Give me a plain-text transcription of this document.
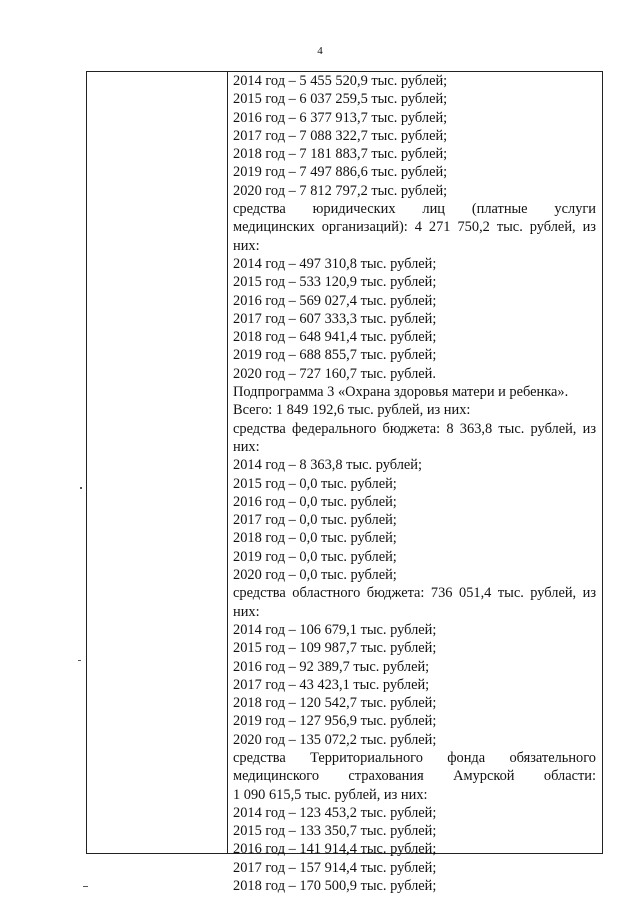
4
2014 год – 5 455 520,9 тыс. рублей;
2015 год – 6 037 259,5 тыс. рублей;
2016 год – 6 377 913,7 тыс. рублей;
2017 год – 7 088 322,7 тыс. рублей;
2018 год – 7 181 883,7 тыс. рублей;
2019 год – 7 497 886,6 тыс. рублей;
2020 год – 7 812 797,2 тыс. рублей;
средства юридических лиц (платные услуги
медицинских организаций): 4 271 750,2 тыс. рублей, из
них:
2014 год – 497 310,8 тыс. рублей;
2015 год – 533 120,9 тыс. рублей;
2016 год – 569 027,4 тыс. рублей;
2017 год – 607 333,3 тыс. рублей;
2018 год – 648 941,4 тыс. рублей;
2019 год – 688 855,7 тыс. рублей;
2020 год – 727 160,7 тыс. рублей.
Подпрограмма 3 «Охрана здоровья матери и ребенка».
Всего: 1 849 192,6 тыс. рублей, из них:
средства федерального бюджета: 8 363,8 тыс. рублей, из
них:
2014 год – 8 363,8 тыс. рублей;
2015 год – 0,0 тыс. рублей;
2016 год – 0,0 тыс. рублей;
2017 год – 0,0 тыс. рублей;
2018 год – 0,0 тыс. рублей;
2019 год – 0,0 тыс. рублей;
2020 год – 0,0 тыс. рублей;
средства областного бюджета: 736 051,4 тыс. рублей, из
них:
2014 год – 106 679,1 тыс. рублей;
2015 год – 109 987,7 тыс. рублей;
2016 год – 92 389,7 тыс. рублей;
2017 год – 43 423,1 тыс. рублей;
2018 год – 120 542,7 тыс. рублей;
2019 год – 127 956,9 тыс. рублей;
2020 год – 135 072,2 тыс. рублей;
средства Территориального фонда обязательного
медицинского страхования Амурской области:
1 090 615,5 тыс. рублей, из них:
2014 год – 123 453,2 тыс. рублей;
2015 год – 133 350,7 тыс. рублей;
2016 год – 141 914,4 тыс. рублей;
2017 год – 157 914,4 тыс. рублей;
2018 год – 170 500,9 тыс. рублей;
